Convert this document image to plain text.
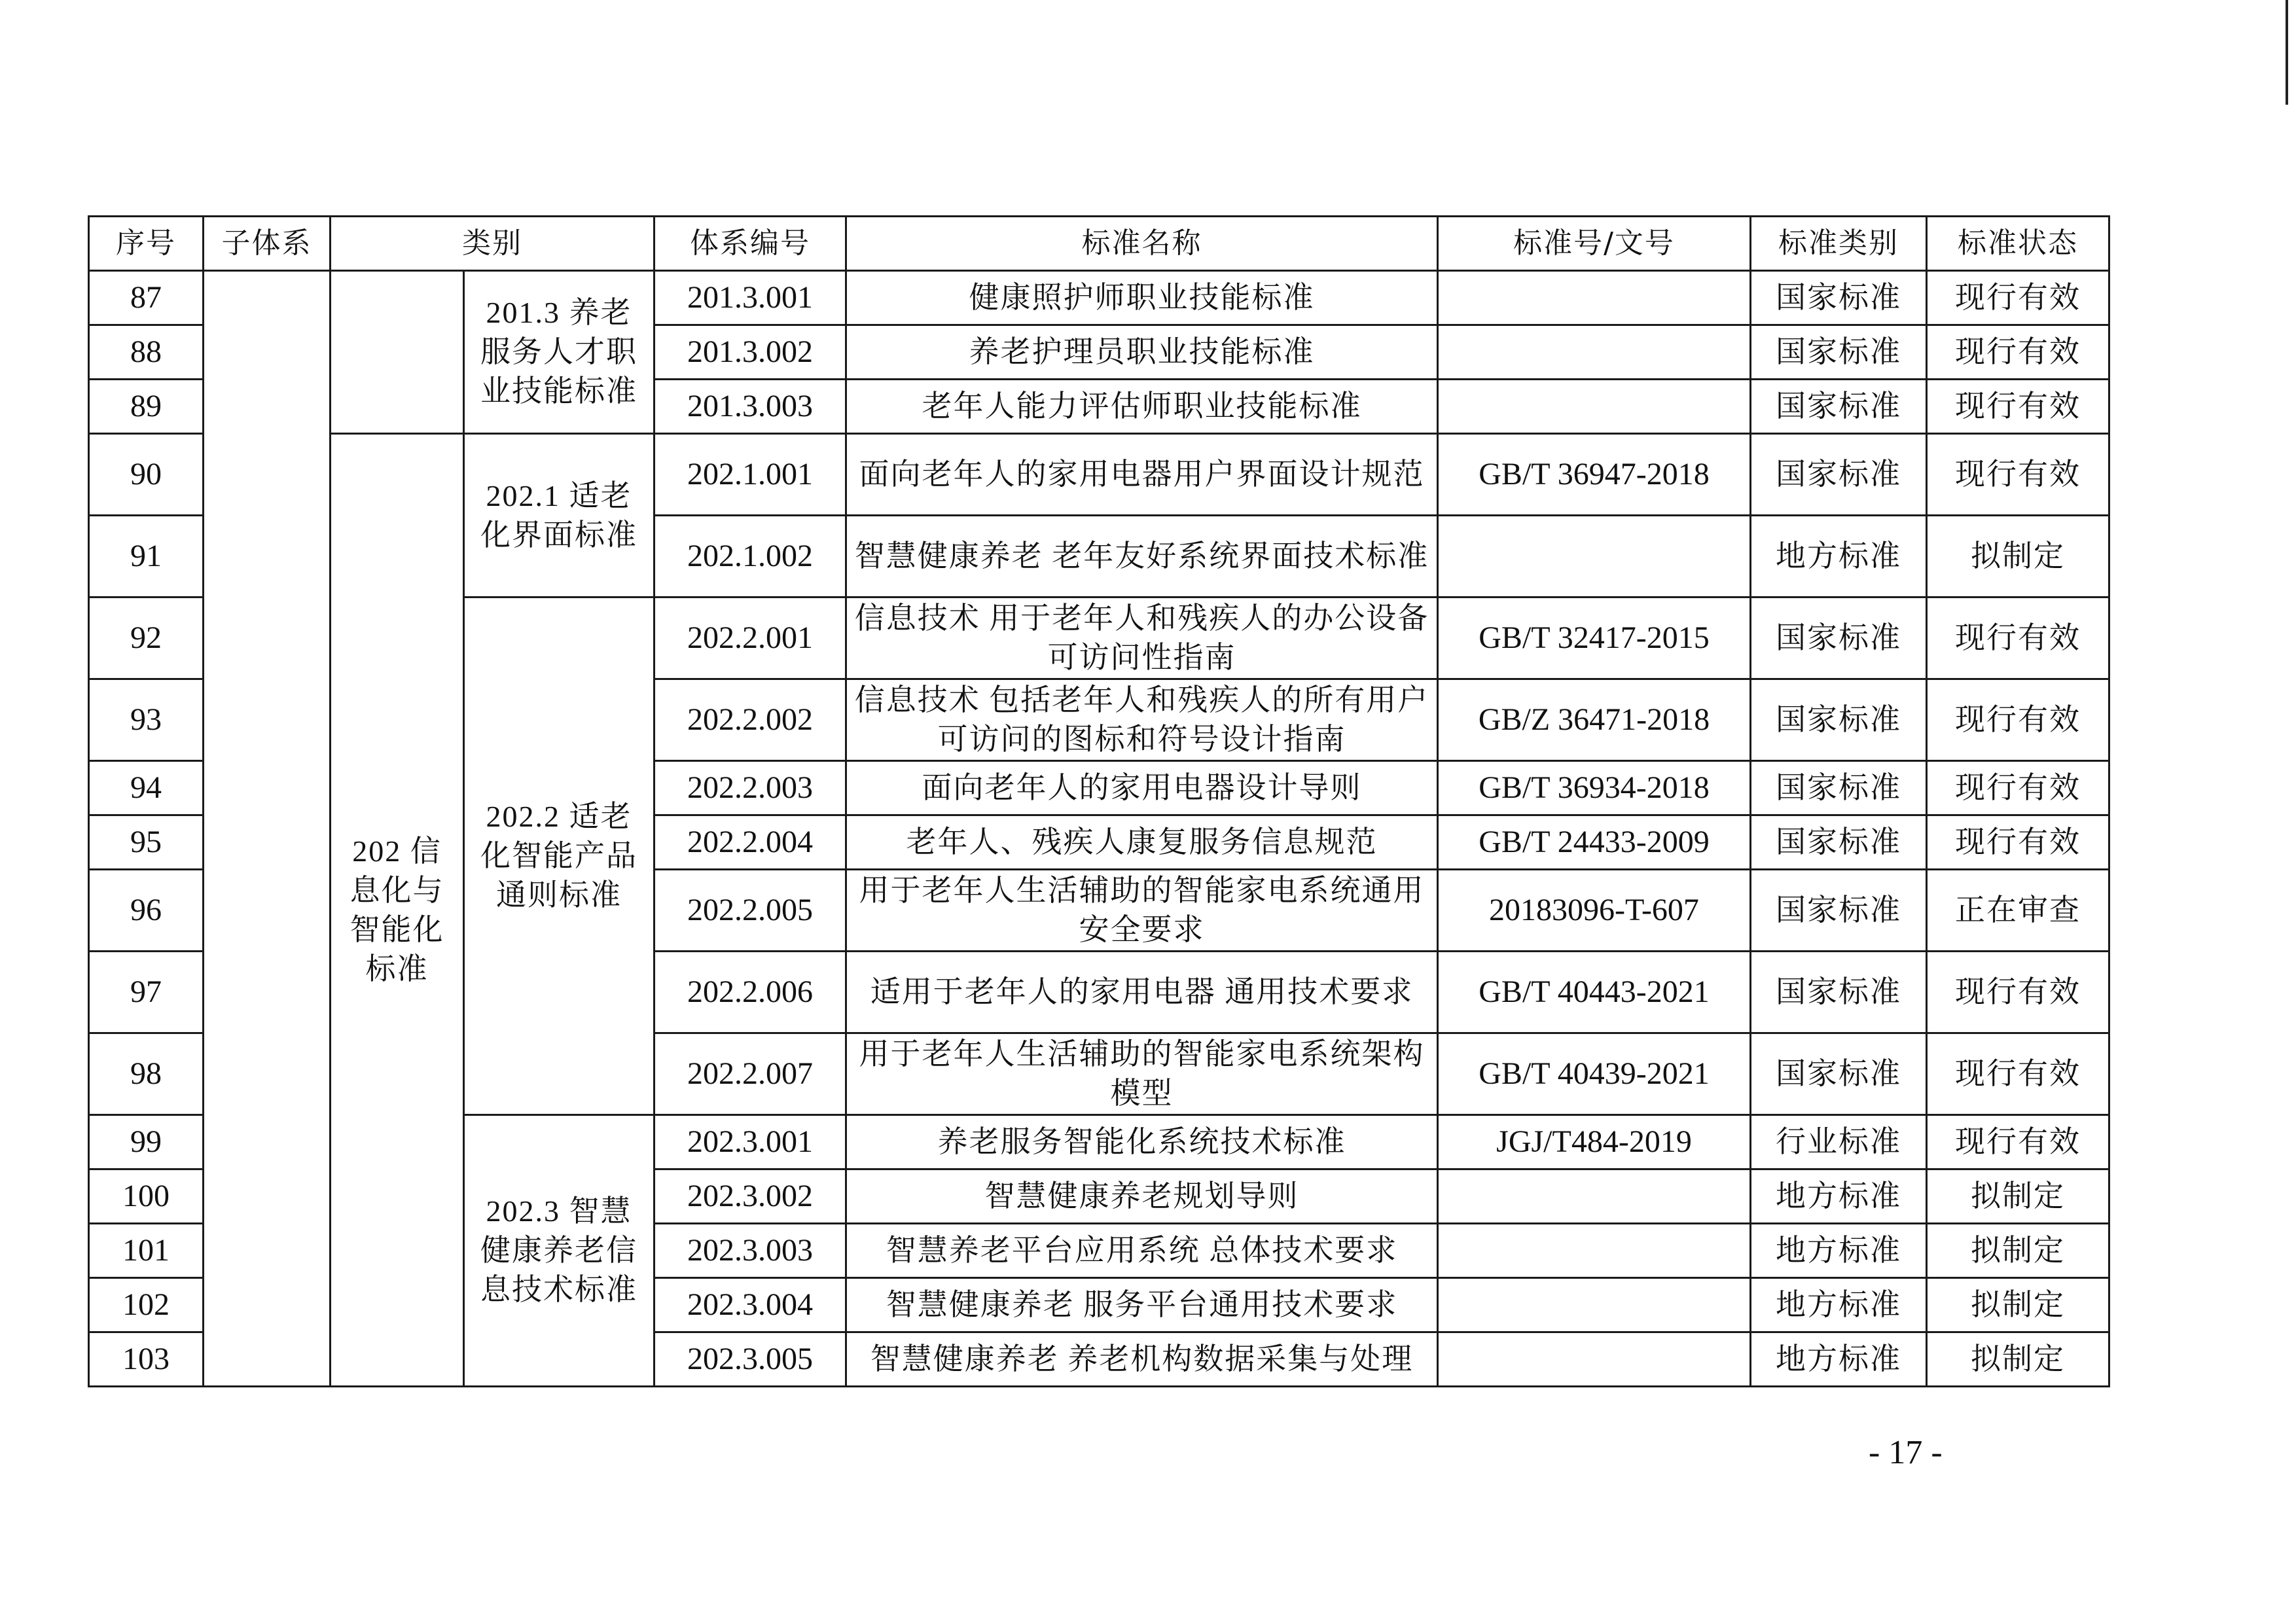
序号	子体系	类别		体系编号	标准名称	标准号/文号	标准类别	标准状态
87			201.3 养老服务人才职业技能标准	201.3.001	健康照护师职业技能标准		国家标准	现行有效
88				201.3.002	养老护理员职业技能标准		国家标准	现行有效
89				201.3.003	老年人能力评估师职业技能标准		国家标准	现行有效
90		202 信息化与智能化标准	202.1 适老化界面标准	202.1.001	面向老年人的家用电器用户界面设计规范	GB/T 36947-2018	国家标准	现行有效
91				202.1.002	智慧健康养老 老年友好系统界面技术标准		地方标准	拟制定
92			202.2 适老化智能产品通则标准	202.2.001	信息技术 用于老年人和残疾人的办公设备可访问性指南	GB/T 32417-2015	国家标准	现行有效
93				202.2.002	信息技术 包括老年人和残疾人的所有用户可访问的图标和符号设计指南	GB/Z 36471-2018	国家标准	现行有效
94				202.2.003	面向老年人的家用电器设计导则	GB/T 36934-2018	国家标准	现行有效
95				202.2.004	老年人、残疾人康复服务信息规范	GB/T 24433-2009	国家标准	现行有效
96				202.2.005	用于老年人生活辅助的智能家电系统通用安全要求	20183096-T-607	国家标准	正在审查
97				202.2.006	适用于老年人的家用电器 通用技术要求	GB/T 40443-2021	国家标准	现行有效
98				202.2.007	用于老年人生活辅助的智能家电系统架构模型	GB/T 40439-2021	国家标准	现行有效
99			202.3 智慧健康养老信息技术标准	202.3.001	养老服务智能化系统技术标准	JGJ/T484-2019	行业标准	现行有效
100				202.3.002	智慧健康养老规划导则		地方标准	拟制定
101				202.3.003	智慧养老平台应用系统 总体技术要求		地方标准	拟制定
102				202.3.004	智慧健康养老 服务平台通用技术要求		地方标准	拟制定
103				202.3.005	智慧健康养老 养老机构数据采集与处理		地方标准	拟制定
- 17 -
